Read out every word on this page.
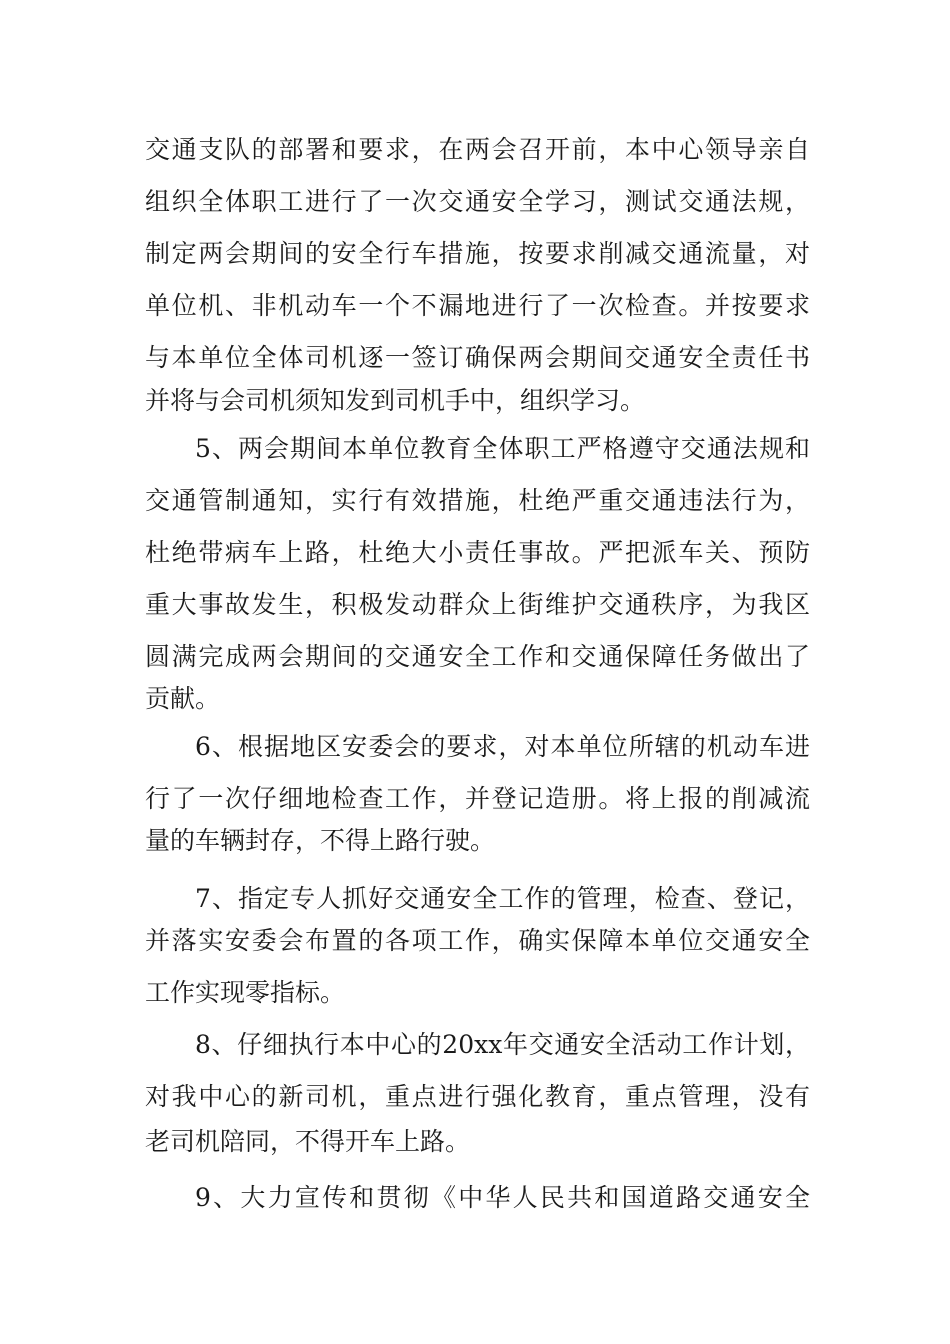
交通支队的部署和要求，在两会召开前，本中心领导亲自
组织全体职工进行了一次交通安全学习，测试交通法规，
制定两会期间的安全行车措施，按要求削减交通流量，对
单位机、非机动车一个不漏地进行了一次检查。并按要求
与本单位全体司机逐一签订确保两会期间交通安全责任书
并将与会司机须知发到司机手中，组织学习。
5、两会期间本单位教育全体职工严格遵守交通法规和
交通管制通知，实行有效措施，杜绝严重交通违法行为，
杜绝带病车上路，杜绝大小责任事故。严把派车关、预防
重大事故发生，积极发动群众上街维护交通秩序，为我区
圆满完成两会期间的交通安全工作和交通保障任务做出了
贡献。
6、根据地区安委会的要求，对本单位所辖的机动车进
行了一次仔细地检查工作，并登记造册。将上报的削减流
量的车辆封存，不得上路行驶。
7、指定专人抓好交通安全工作的管理，检查、登记，
并落实安委会布置的各项工作，确实保障本单位交通安全
工作实现零指标。
8、仔细执行本中心的20xx年交通安全活动工作计划，
对我中心的新司机，重点进行强化教育，重点管理，没有
老司机陪同，不得开车上路。
9、大力宣传和贯彻《中华人民共和国道路交通安全
